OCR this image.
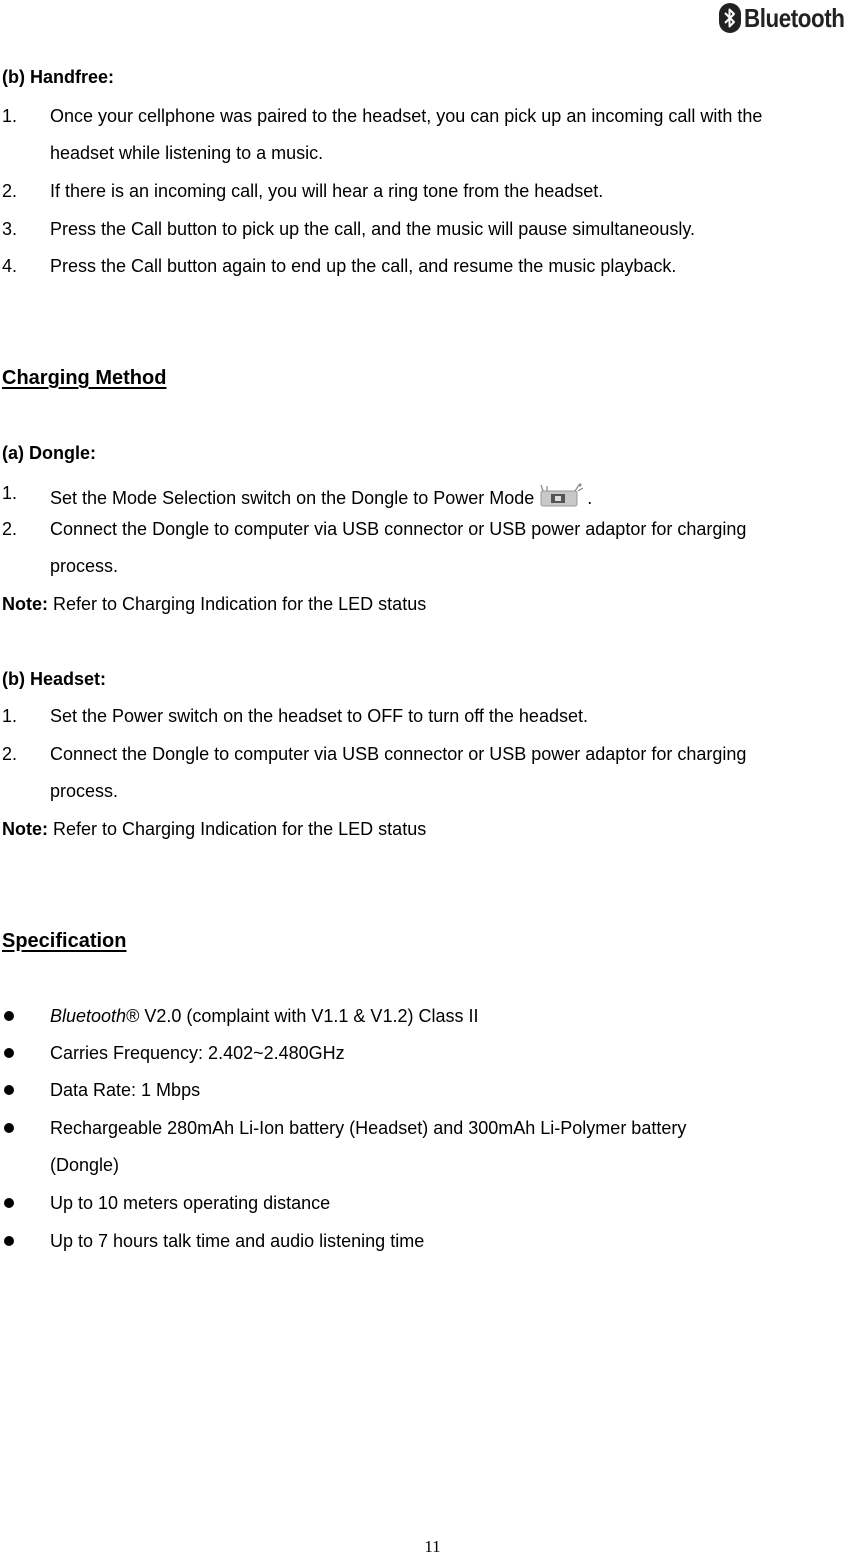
Bluetooth
(b) Handfree:
1. Once your cellphone was paired to the headset, you can pick up an incoming call with the
headset while listening to a music.
2. If there is an incoming call, you will hear a ring tone from the headset.
3. Press the Call button to pick up the call, and the music will pause simultaneously.
4. Press the Call button again to end up the call, and resume the music playback.
Charging Method
(a) Dongle:
1. Set the Mode Selection switch on the Dongle to Power Mode	.
2. Connect the Dongle to computer via USB connector or USB power adaptor for charging
process.
Note: Refer to Charging Indication for the LED status
(b) Headset:
1. Set the Power switch on the headset to OFF to turn off the headset.
2. Connect the Dongle to computer via USB connector or USB power adaptor for charging
process.
Note: Refer to Charging Indication for the LED status
Specification
Bluetooth® V2.0 (complaint with V1.1 & V1.2) Class II
Carries Frequency: 2.402~2.480GHz
Data Rate: 1 Mbps
Rechargeable 280mAh Li-Ion battery (Headset) and 300mAh Li-Polymer battery
(Dongle)
Up to 10 meters operating distance
Up to 7 hours talk time and audio listening time
11
